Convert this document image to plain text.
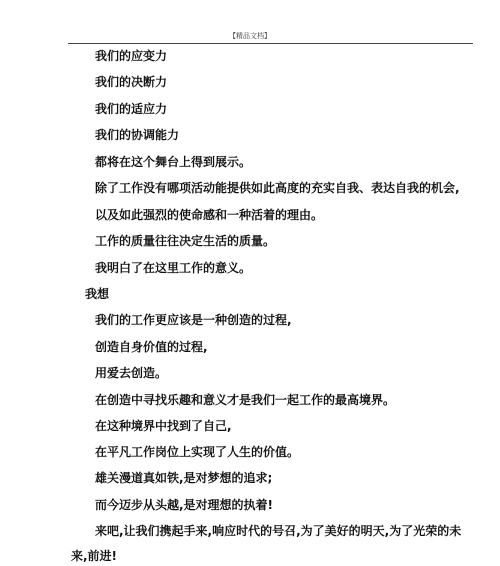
【精品文档】
我们的应变力
我们的决断力
我们的适应力
我们的协调能力
都将在这个舞台上得到展示。
除了工作没有哪项活动能提供如此高度的充实自我、表达自我的机会,
以及如此强烈的使命感和一种活着的理由。
工作的质量往往决定生活的质量。
我明白了在这里工作的意义。
我想
我们的工作更应该是一种创造的过程,
创造自身价值的过程,
用爱去创造。
在创造中寻找乐趣和意义才是我们一起工作的最高境界。
在这种境界中找到了自己,
在平凡工作岗位上实现了人生的价值。
雄关漫道真如铁,是对梦想的追求;
而今迈步从头越,是对理想的执着!
来吧,让我们携起手来,响应时代的号召,为了美好的明天,为了光荣的未
来,前进!
